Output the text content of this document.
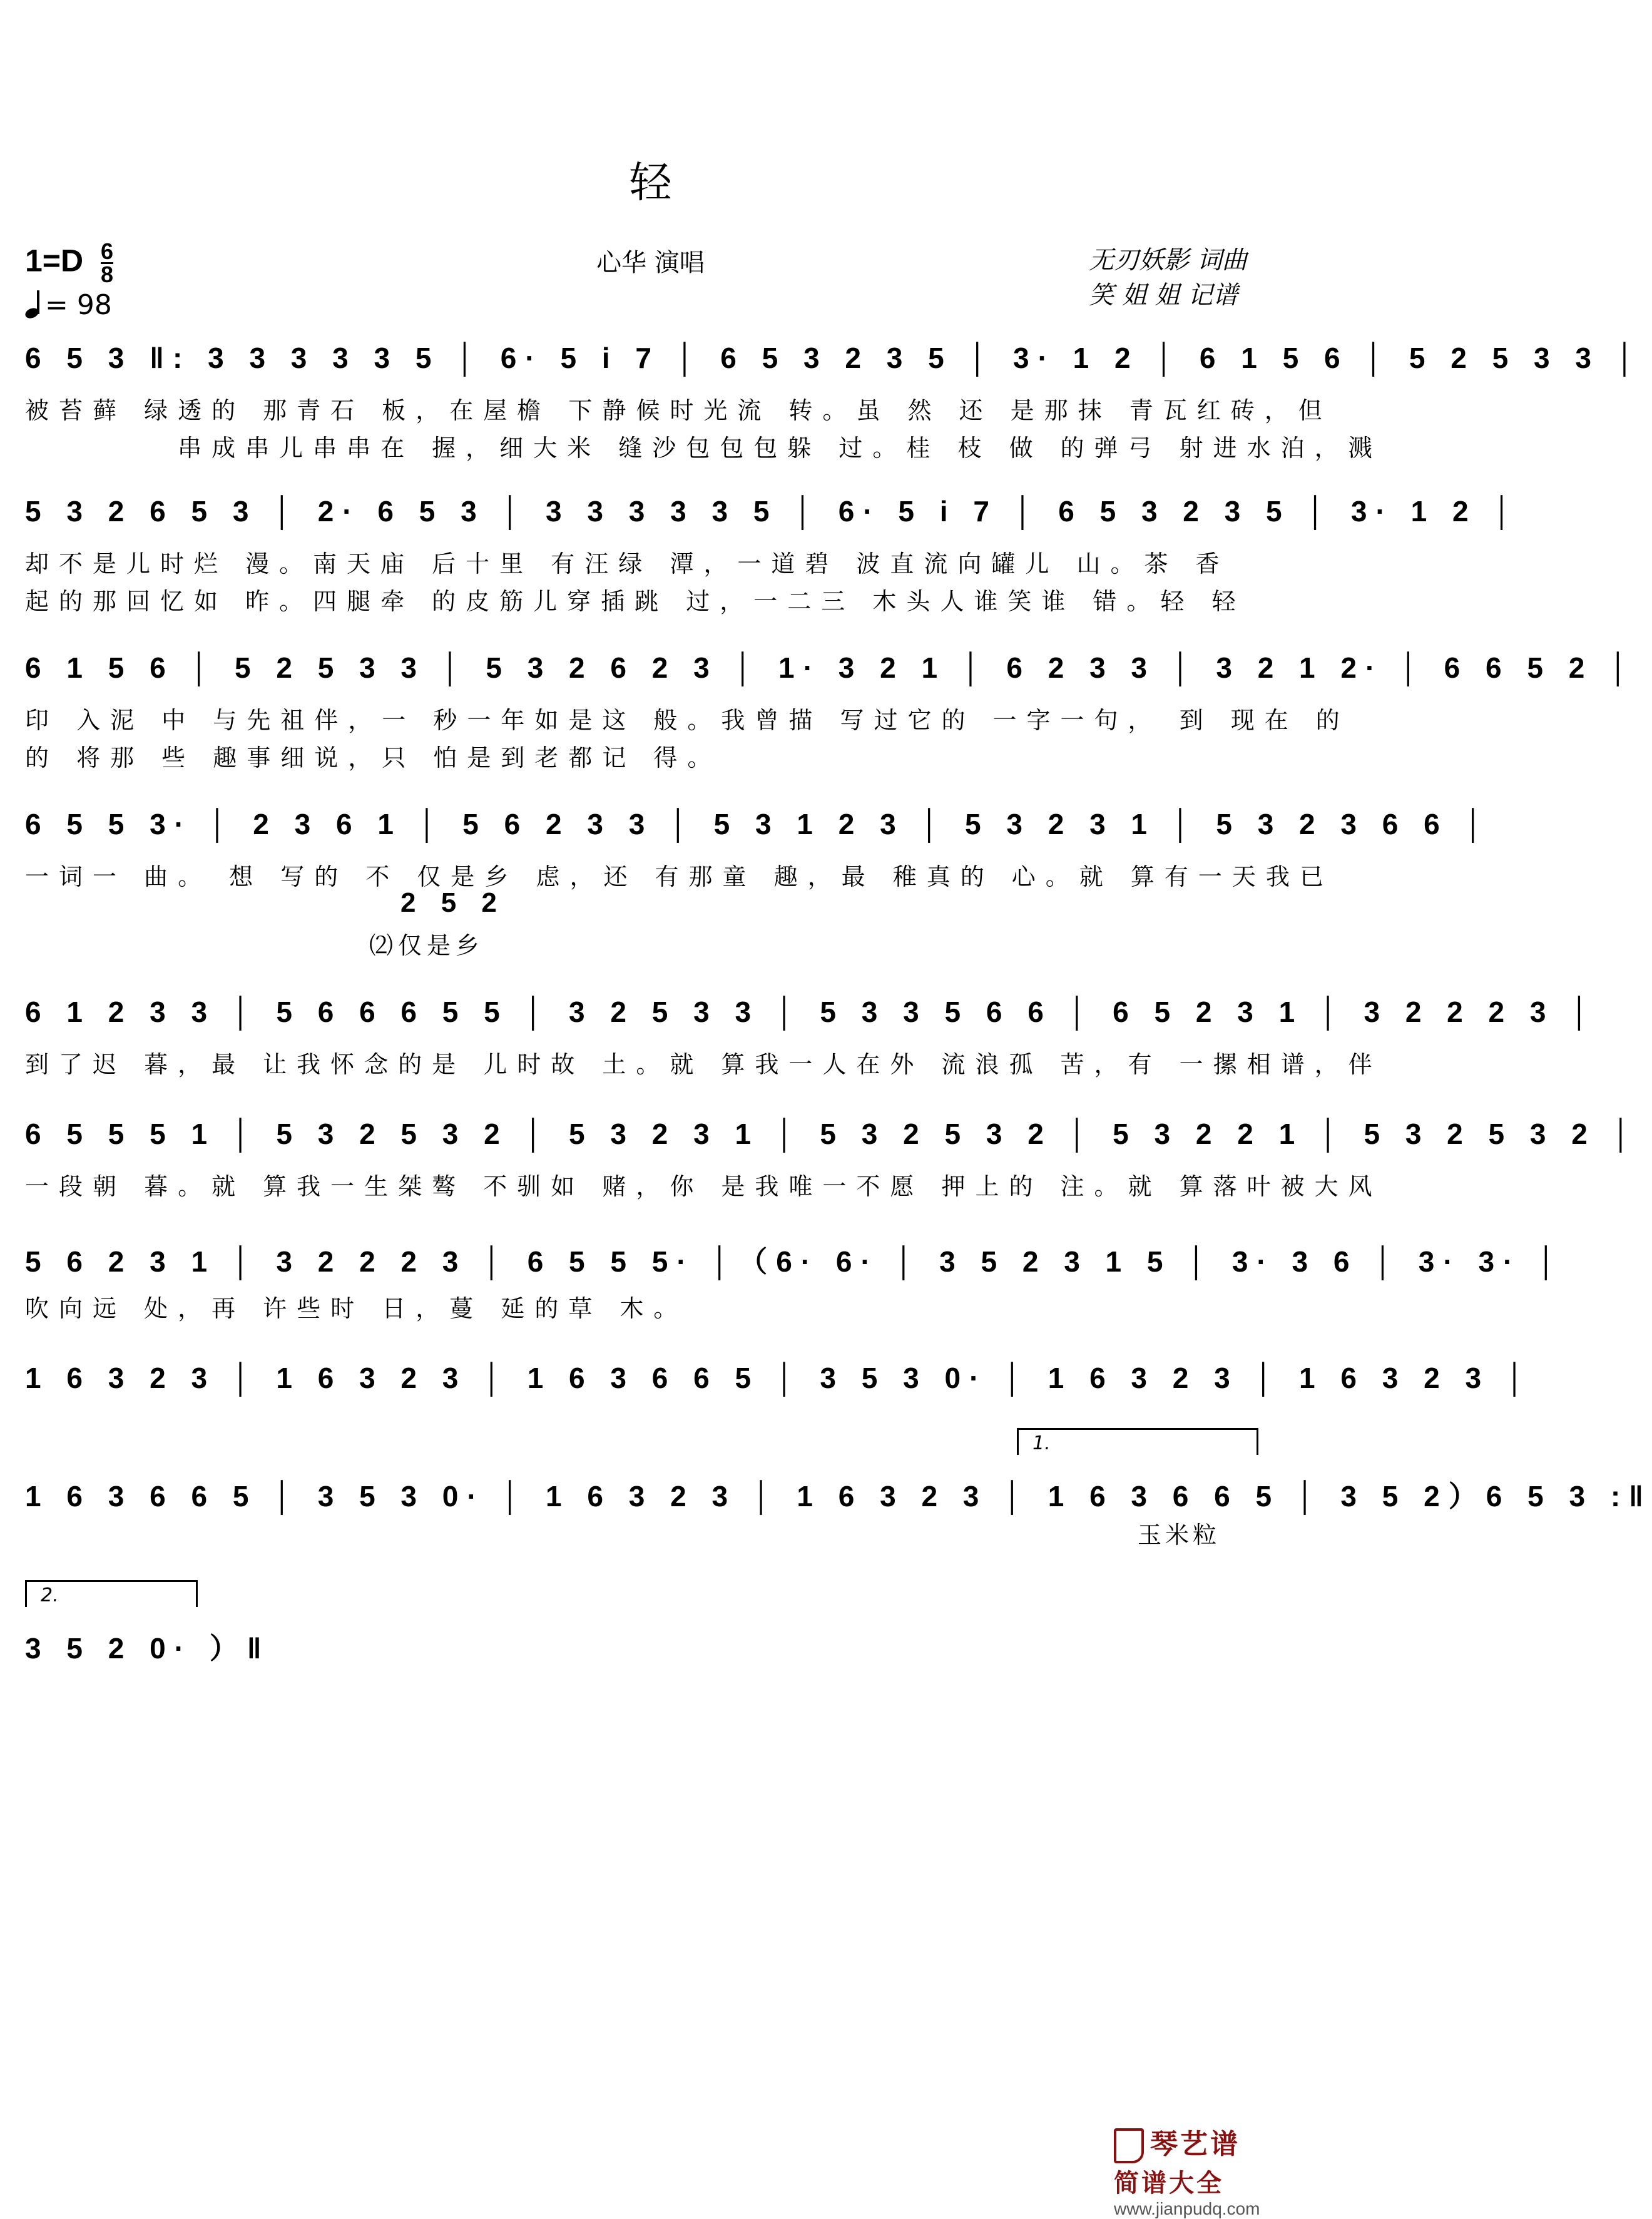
轻
$1=D \frac{6}{8}$
= 98
心华 演唱	无刃妖影 词曲
笑 姐 姐 记谱
6 5 3 ‖: 3 3 3 3 3 5 │ 6· 5 i 7 │ 6 5 3 2 3 5 │ 3· 1 2 │ 6 1 5 6 │ 5 2 5 3 3 │
被苔藓 绿透的 那青石 板，在屋檐 下静候时光流 转。虽 然 还 是那抹 青瓦红砖，但
　　　　 串成串儿串串在 握，细大米 缝沙包包包躲 过。桂 枝 做 的弹弓 射进水泊，溅
5 3 2 6 5 3 │ 2· 6 5 3 │ 3 3 3 3 3 5 │ 6· 5 i 7 │ 6 5 3 2 3 5 │ 3· 1 2 │
却不是儿时烂 漫。南天庙 后十里 有汪绿 潭，一道碧 波直流向罐儿 山。茶 香
起的那回忆如 昨。四腿牵 的皮筋儿穿插跳 过，一二三 木头人谁笑谁 错。轻 轻
6 1 5 6 │ 5 2 5 3 3 │ 5 3 2 6 2 3 │ 1· 3 2 1 │ 6 2 3 3 │ 3 2 1 2· │ 6 6 5 2 │
印 入泥 中 与先祖伴，一 秒一年如是这 般。我曾描 写过它的 一字一句， 到 现在 的
的 将那 些 趣事细说，只 怕是到老都记 得。
6 5 5 3· │ 2 3 6 1 │ 5 6 2 3 3 │ 5 3 1 2 3 │ 5 3 2 3 1 │ 5 3 2 3 6 6 │
一词一 曲。 想 写的 不 仅是乡 虑，还 有那童 趣，最 稚真的 心。就 算有一天我已
2 5 2
⑵仅是乡
6 1 2 3 3 │ 5 6 6 6 5 5 │ 3 2 5 3 3 │ 5 3 3 5 6 6 │ 6 5 2 3 1 │ 3 2 2 2 3 │
到了迟 暮，最 让我怀念的是 儿时故 土。就 算我一人在外 流浪孤 苦，有 一摞相谱，伴
6 5 5 5 1 │ 5 3 2 5 3 2 │ 5 3 2 3 1 │ 5 3 2 5 3 2 │ 5 3 2 2 1 │ 5 3 2 5 3 2 │
一段朝 暮。就 算我一生桀骜 不驯如 赌，你 是我唯一不愿 押上的 注。就 算落叶被大风
5 6 2 3 1 │ 3 2 2 2 3 │ 6 5 5 5· │（6· 6· │ 3 5 2 3 1 5 │ 3· 3 6 │ 3· 3· │
吹向远 处，再 许些时 日，蔓 延的草 木。
1 6 3 2 3 │ 1 6 3 2 3 │ 1 6 3 6 6 5 │ 3 5 3 0· │ 1 6 3 2 3 │ 1 6 3 2 3 │
1.
1 6 3 6 6 5 │ 3 5 3 0· │ 1 6 3 2 3 │ 1 6 3 2 3 │ 1 6 3 6 6 5 │ 3 5 2）6 5 3 :‖
玉米粒
2.
3 5 2 0· ）‖
琴艺谱
简谱大全
www.jianpudq.com
